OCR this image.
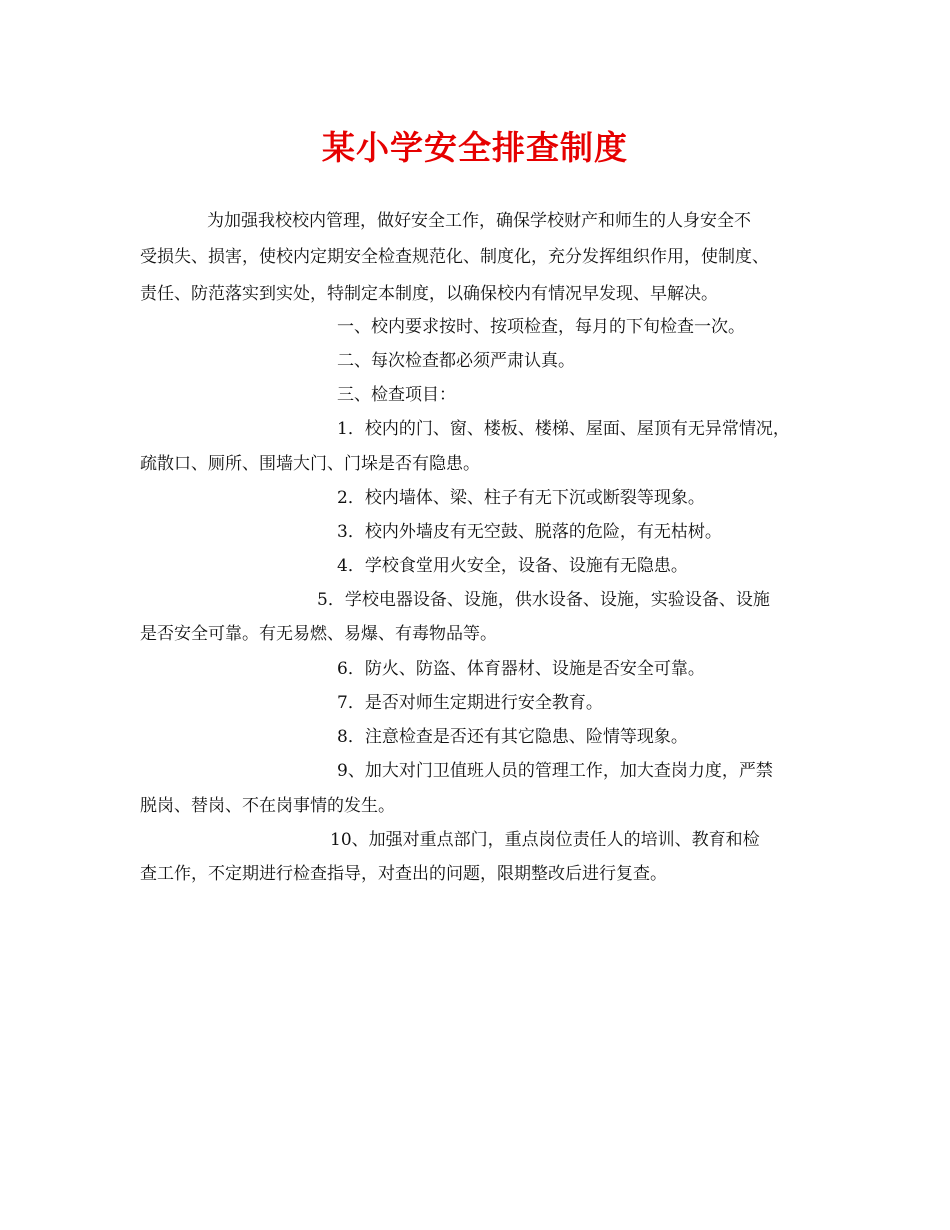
某小学安全排查制度
为加强我校校内管理，做好安全工作，确保学校财产和师生的人身安全不
受损失、损害，使校内定期安全检查规范化、制度化，充分发挥组织作用，使制度、
责任、防范落实到实处，特制定本制度，以确保校内有情况早发现、早解决。
一、校内要求按时、按项检查，每月的下旬检查一次。
二、每次检查都必须严肃认真。
三、检查项目：
1．校内的门、窗、楼板、楼梯、屋面、屋顶有无异常情况，
疏散口、厕所、围墙大门、门垛是否有隐患。
2．校内墙体、梁、柱子有无下沉或断裂等现象。
3．校内外墙皮有无空鼓、脱落的危险，有无枯树。
4．学校食堂用火安全，设备、设施有无隐患。
5．学校电器设备、设施，供水设备、设施，实验设备、设施
是否安全可靠。有无易燃、易爆、有毒物品等。
6．防火、防盗、体育器材、设施是否安全可靠。
7．是否对师生定期进行安全教育。
8．注意检查是否还有其它隐患、险情等现象。
9、加大对门卫值班人员的管理工作，加大查岗力度，严禁
脱岗、替岗、不在岗事情的发生。
10、加强对重点部门，重点岗位责任人的培训、教育和检
查工作，不定期进行检查指导，对查出的问题，限期整改后进行复查。
